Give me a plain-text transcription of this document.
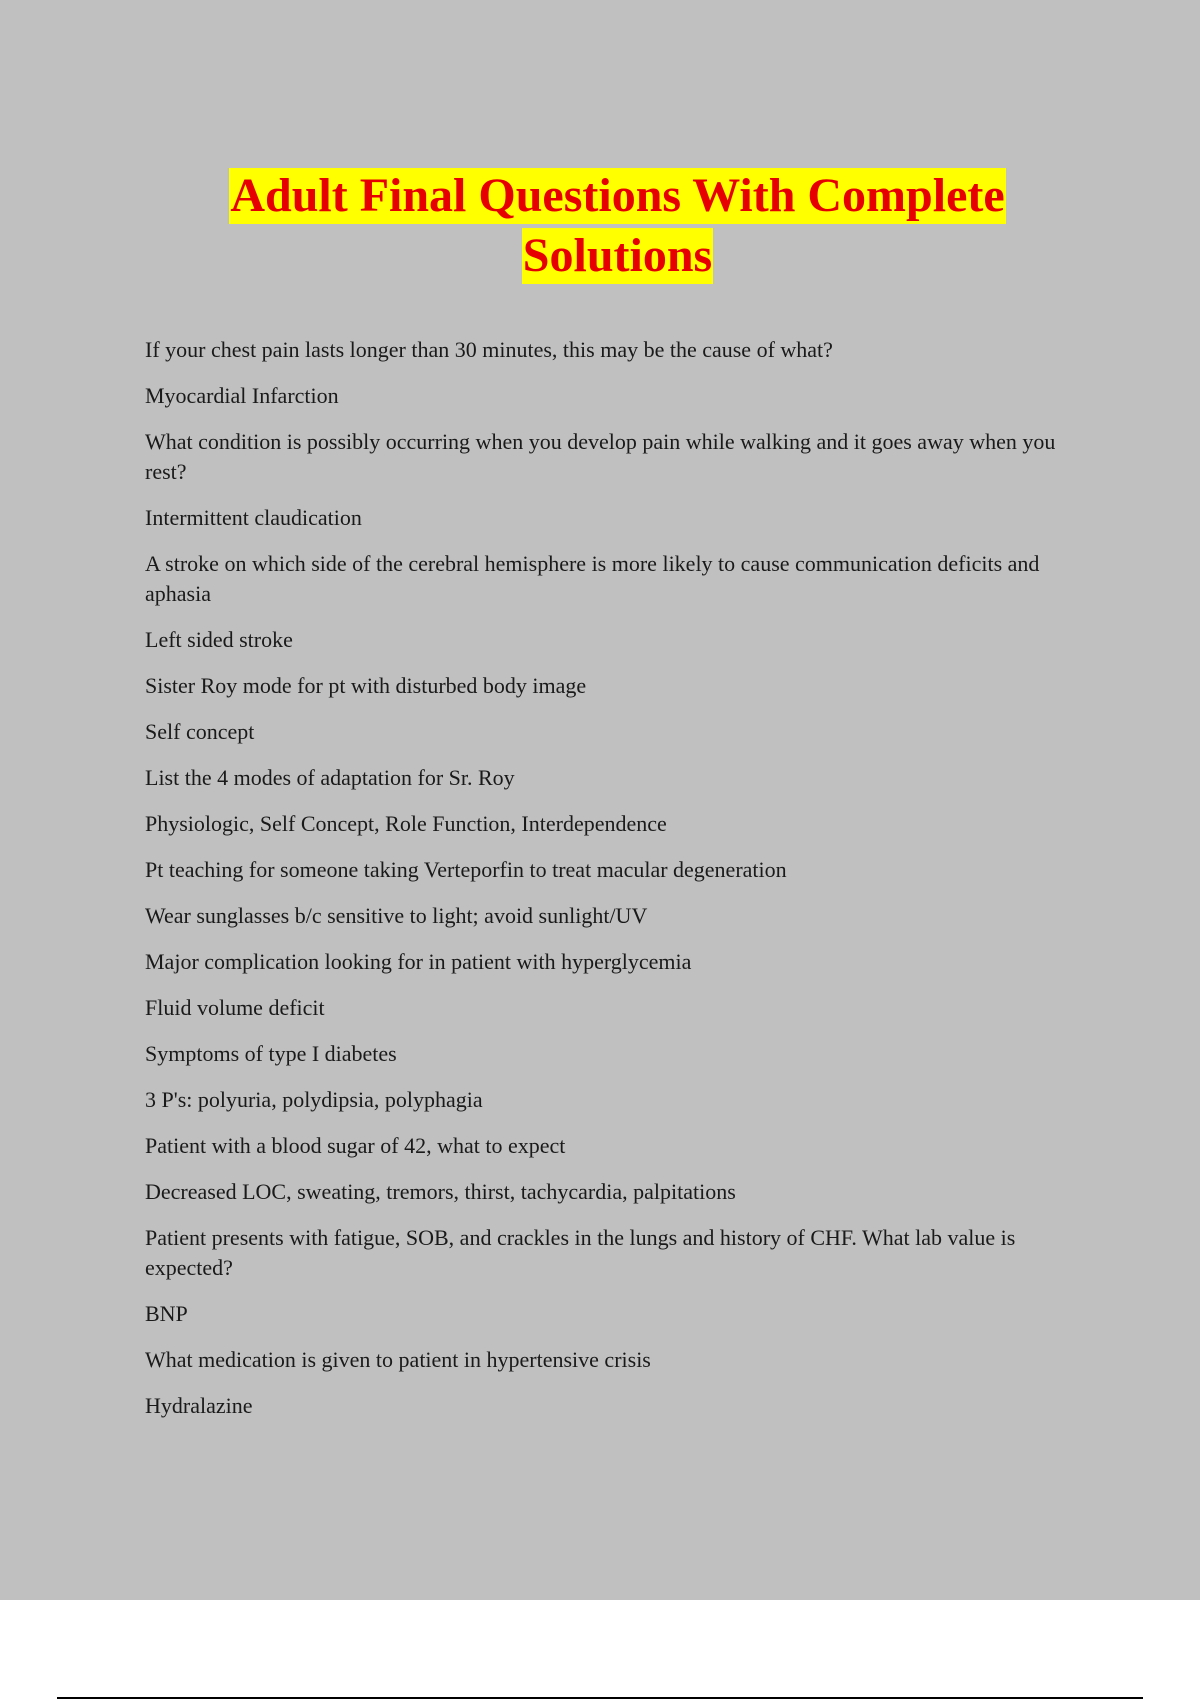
Adult Final Questions With Complete
Solutions
If your chest pain lasts longer than 30 minutes, this may be the cause of what?
Myocardial Infarction
What condition is possibly occurring when you develop pain while walking and it goes away when you rest?
Intermittent claudication
A stroke on which side of the cerebral hemisphere is more likely to cause communication deficits and aphasia
Left sided stroke
Sister Roy mode for pt with disturbed body image
Self concept
List the 4 modes of adaptation for Sr. Roy
Physiologic, Self Concept, Role Function, Interdependence
Pt teaching for someone taking Verteporfin to treat macular degeneration
Wear sunglasses b/c sensitive to light; avoid sunlight/UV
Major complication looking for in patient with hyperglycemia
Fluid volume deficit
Symptoms of type I diabetes
3 P's: polyuria, polydipsia, polyphagia
Patient with a blood sugar of 42, what to expect
Decreased LOC, sweating, tremors, thirst, tachycardia, palpitations
Patient presents with fatigue, SOB, and crackles in the lungs and history of CHF. What lab value is expected?
BNP
What medication is given to patient in hypertensive crisis
Hydralazine
